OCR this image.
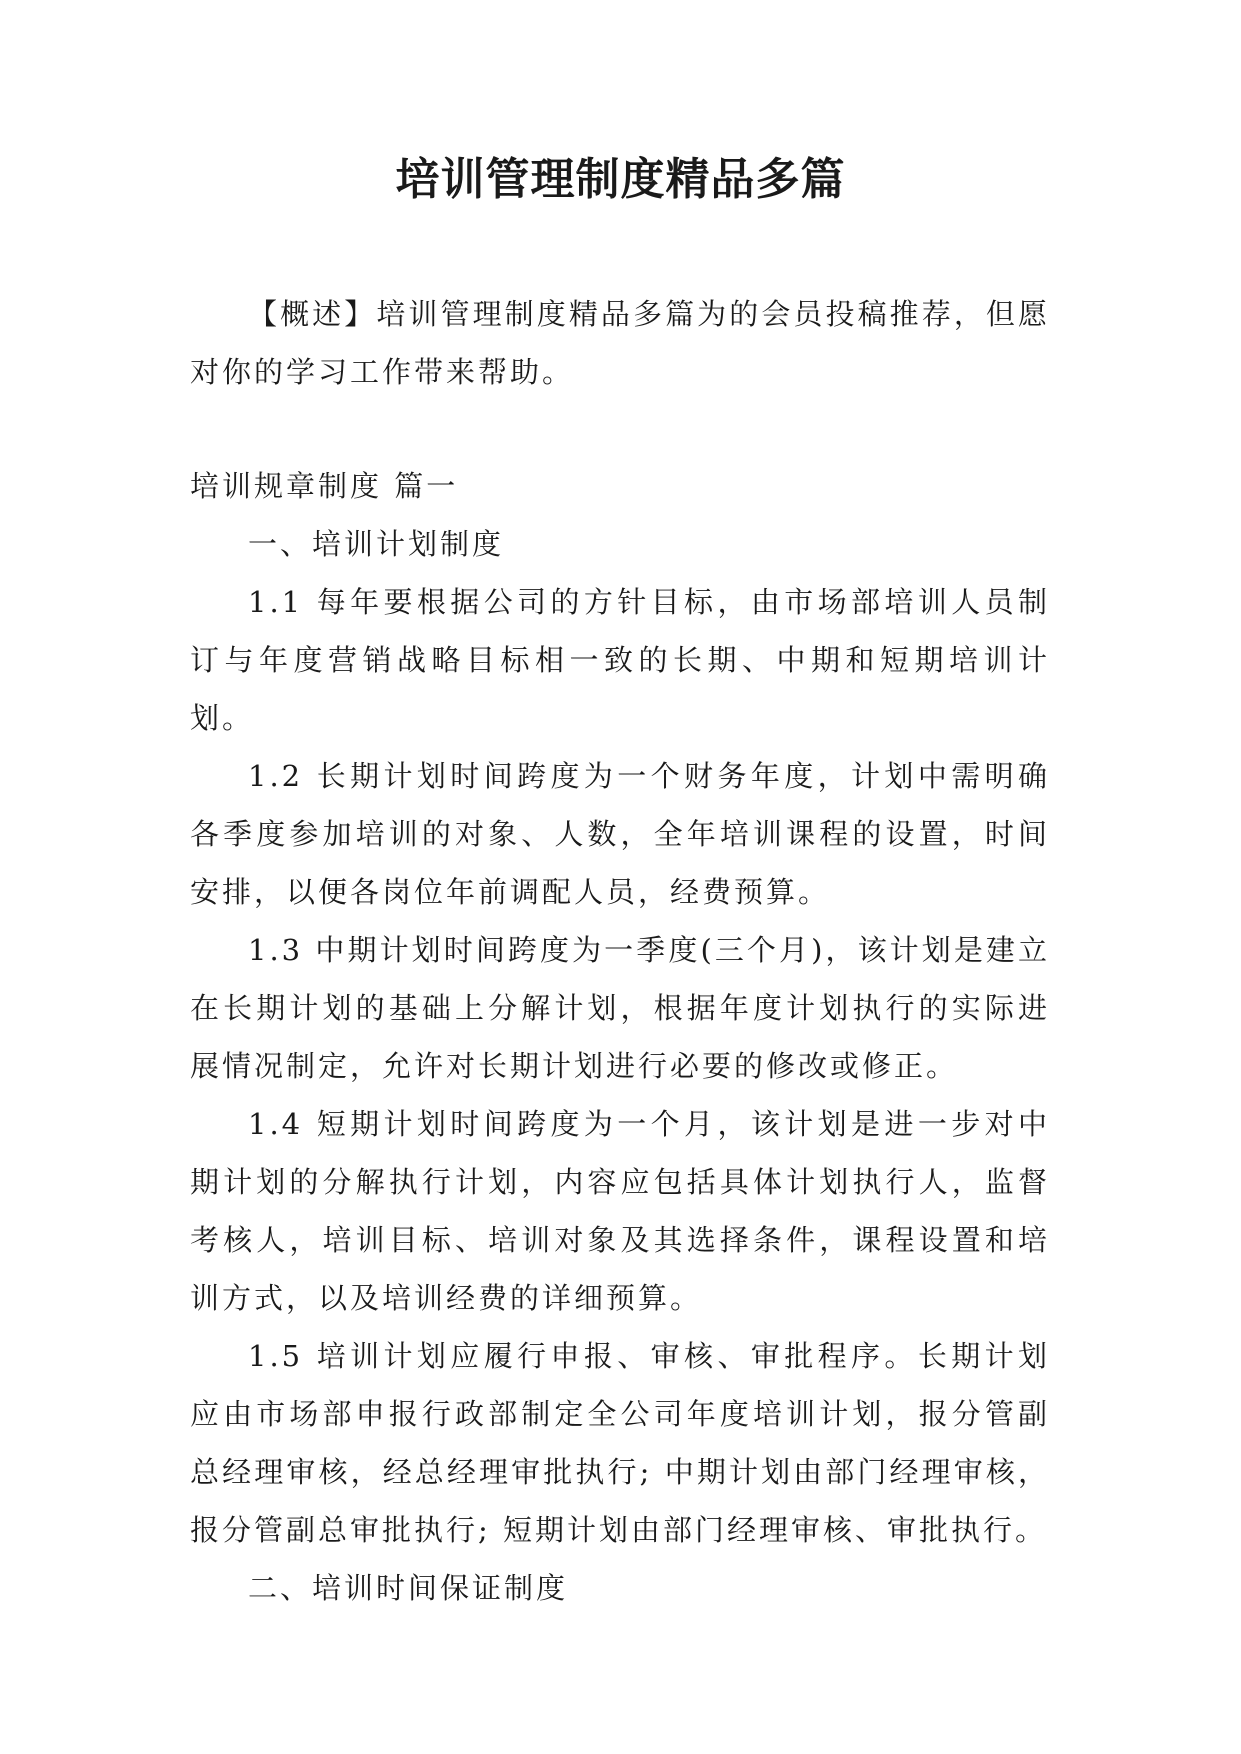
培训管理制度精品多篇

【概述】培训管理制度精品多篇为的会员投稿推荐，但愿对你的学习工作带来帮助。

培训规章制度 篇一

一、培训计划制度

1.1 每年要根据公司的方针目标，由市场部培训人员制订与年度营销战略目标相一致的长期、中期和短期培训计划。

1.2 长期计划时间跨度为一个财务年度，计划中需明确各季度参加培训的对象、人数，全年培训课程的设置，时间安排，以便各岗位年前调配人员，经费预算。

1.3 中期计划时间跨度为一季度(三个月)，该计划是建立在长期计划的基础上分解计划，根据年度计划执行的实际进展情况制定，允许对长期计划进行必要的修改或修正。

1.4 短期计划时间跨度为一个月，该计划是进一步对中期计划的分解执行计划，内容应包括具体计划执行人，监督考核人，培训目标、培训对象及其选择条件，课程设置和培训方式，以及培训经费的详细预算。

1.5 培训计划应履行申报、审核、审批程序。长期计划应由市场部申报行政部制定全公司年度培训计划，报分管副总经理审核，经总经理审批执行; 中期计划由部门经理审核，报分管副总审批执行; 短期计划由部门经理审核、审批执行。

二、培训时间保证制度
